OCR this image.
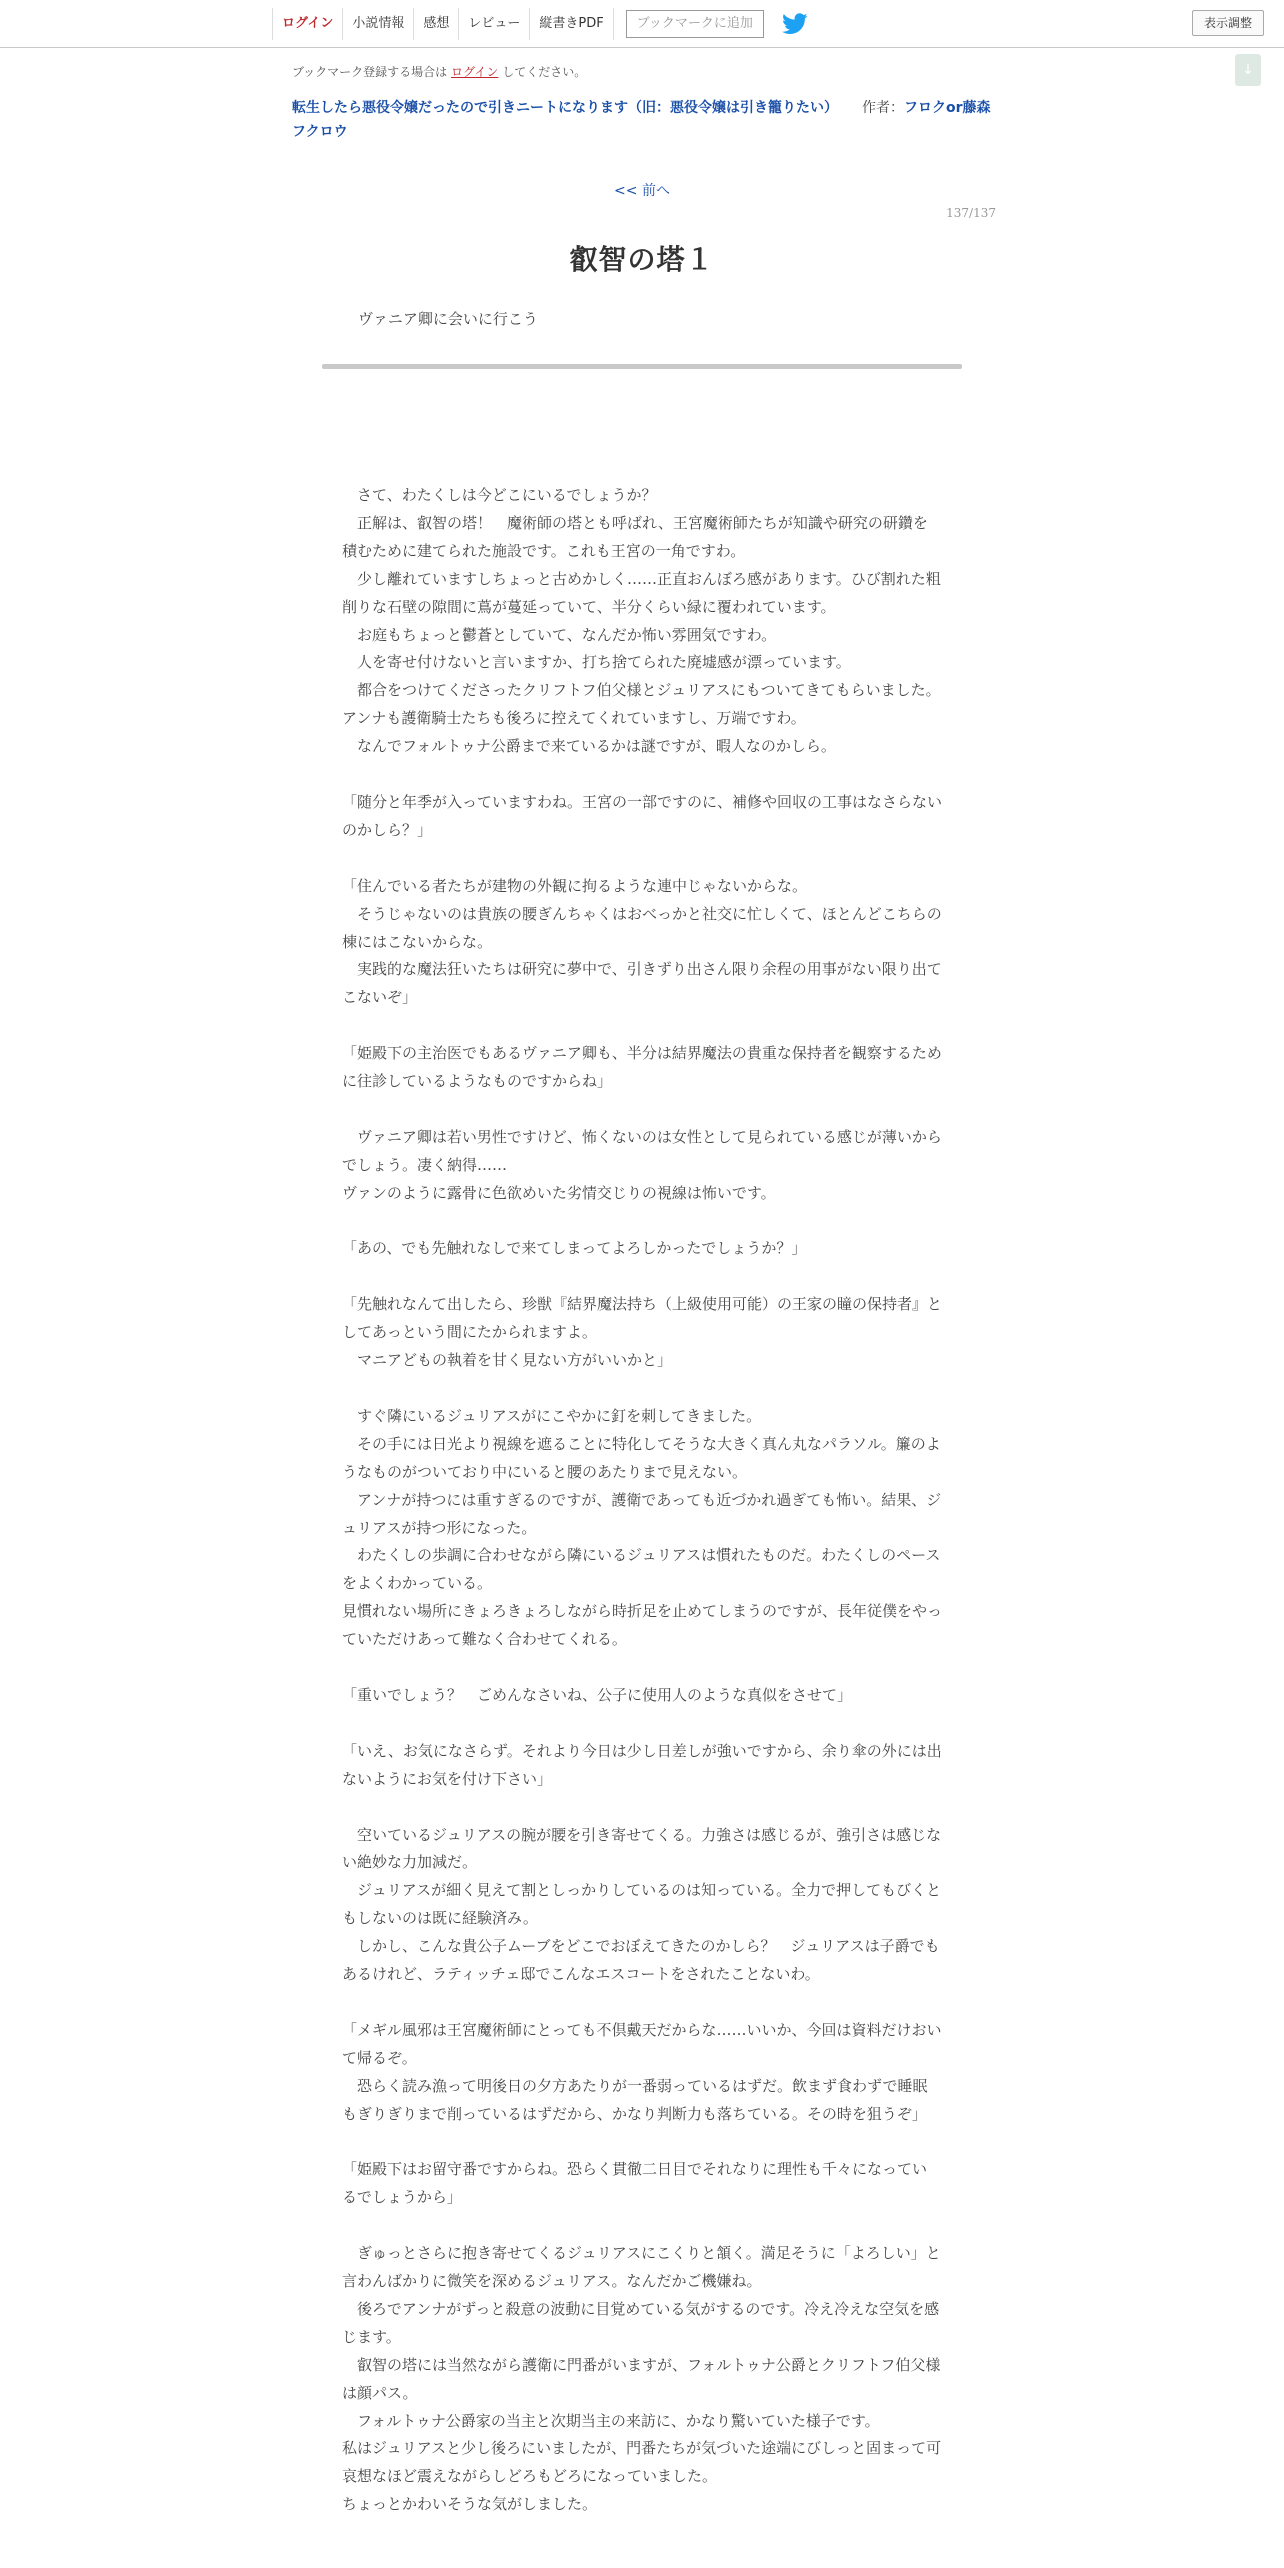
ログイン	小説情報	感想	レビュー	縦書きPDF	ブックマークに追加	表示調整
↓
ブックマーク登録する場合は ログイン してください。
転生したら悪役令嬢だったので引きニートになります（旧：悪役令嬢は引き籠りたい）	作者：フロクor藤森
フクロウ
<< 前へ
137/137
叡智の塔１
ヴァニア卿に会いに行こう
　さて、わたくしは今どこにいるでしょうか？
　正解は、叡智の塔！　魔術師の塔とも呼ばれ、王宮魔術師たちが知識や研究の研鑽を積むために建てられた施設です。これも王宮の一角ですわ。
　少し離れていますしちょっと古めかしく……正直おんぼろ感があります。ひび割れた粗削りな石壁の隙間に蔦が蔓延っていて、半分くらい緑に覆われています。
　お庭もちょっと鬱蒼としていて、なんだか怖い雰囲気ですわ。
　人を寄せ付けないと言いますか、打ち捨てられた廃墟感が漂っています。
　都合をつけてくださったクリフトフ伯父様とジュリアスにもついてきてもらいました。アンナも護衛騎士たちも後ろに控えてくれていますし、万端ですわ。
　なんでフォルトゥナ公爵まで来ているかは謎ですが、暇人なのかしら。

「随分と年季が入っていますわね。王宮の一部ですのに、補修や回収の工事はなさらないのかしら？」

「住んでいる者たちが建物の外観に拘るような連中じゃないからな。
　そうじゃないのは貴族の腰ぎんちゃくはおべっかと社交に忙しくて、ほとんどこちらの棟にはこないからな。
　実践的な魔法狂いたちは研究に夢中で、引きずり出さん限り余程の用事がない限り出てこないぞ」

「姫殿下の主治医でもあるヴァニア卿も、半分は結界魔法の貴重な保持者を観察するために往診しているようなものですからね」

　ヴァニア卿は若い男性ですけど、怖くないのは女性として見られている感じが薄いからでしょう。凄く納得……
ヴァンのように露骨に色欲めいた劣情交じりの視線は怖いです。

「あの、でも先触れなしで来てしまってよろしかったでしょうか？」

「先触れなんて出したら、珍獣『結界魔法持ち（上級使用可能）の王家の瞳の保持者』としてあっという間にたかられますよ。
　マニアどもの執着を甘く見ない方がいいかと」

　すぐ隣にいるジュリアスがにこやかに釘を刺してきました。
　その手には日光より視線を遮ることに特化してそうな大きく真ん丸なパラソル。簾のようなものがついており中にいると腰のあたりまで見えない。
　アンナが持つには重すぎるのですが、護衛であっても近づかれ過ぎても怖い。結果、ジュリアスが持つ形になった。
　わたくしの歩調に合わせながら隣にいるジュリアスは慣れたものだ。わたくしのペースをよくわかっている。
見慣れない場所にきょろきょろしながら時折足を止めてしまうのですが、長年従僕をやっていただけあって難なく合わせてくれる。

「重いでしょう？　ごめんなさいね、公子に使用人のような真似をさせて」

「いえ、お気になさらず。それより今日は少し日差しが強いですから、余り傘の外には出ないようにお気を付け下さい」

　空いているジュリアスの腕が腰を引き寄せてくる。力強さは感じるが、強引さは感じない絶妙な力加減だ。
　ジュリアスが細く見えて割としっかりしているのは知っている。全力で押してもびくともしないのは既に経験済み。
　しかし、こんな貴公子ムーブをどこでおぼえてきたのかしら？　ジュリアスは子爵でもあるけれど、ラティッチェ邸でこんなエスコートをされたことないわ。

「メギル風邪は王宮魔術師にとっても不倶戴天だからな……いいか、今回は資料だけおいて帰るぞ。
　恐らく読み漁って明後日の夕方あたりが一番弱っているはずだ。飲まず食わずで睡眠もぎりぎりまで削っているはずだから、かなり判断力も落ちている。その時を狙うぞ」

「姫殿下はお留守番ですからね。恐らく貫徹二日目でそれなりに理性も千々になっているでしょうから」

　ぎゅっとさらに抱き寄せてくるジュリアスにこくりと頷く。満足そうに「よろしい」と言わんばかりに微笑を深めるジュリアス。なんだかご機嫌ね。
　後ろでアンナがずっと殺意の波動に目覚めている気がするのです。冷え冷えな空気を感じます。
　叡智の塔には当然ながら護衛に門番がいますが、フォルトゥナ公爵とクリフトフ伯父様は顔パス。
　フォルトゥナ公爵家の当主と次期当主の来訪に、かなり驚いていた様子です。
私はジュリアスと少し後ろにいましたが、門番たちが気づいた途端にびしっと固まって可哀想なほど震えながらしどろもどろになっていました。
ちょっとかわいそうな気がしました。
